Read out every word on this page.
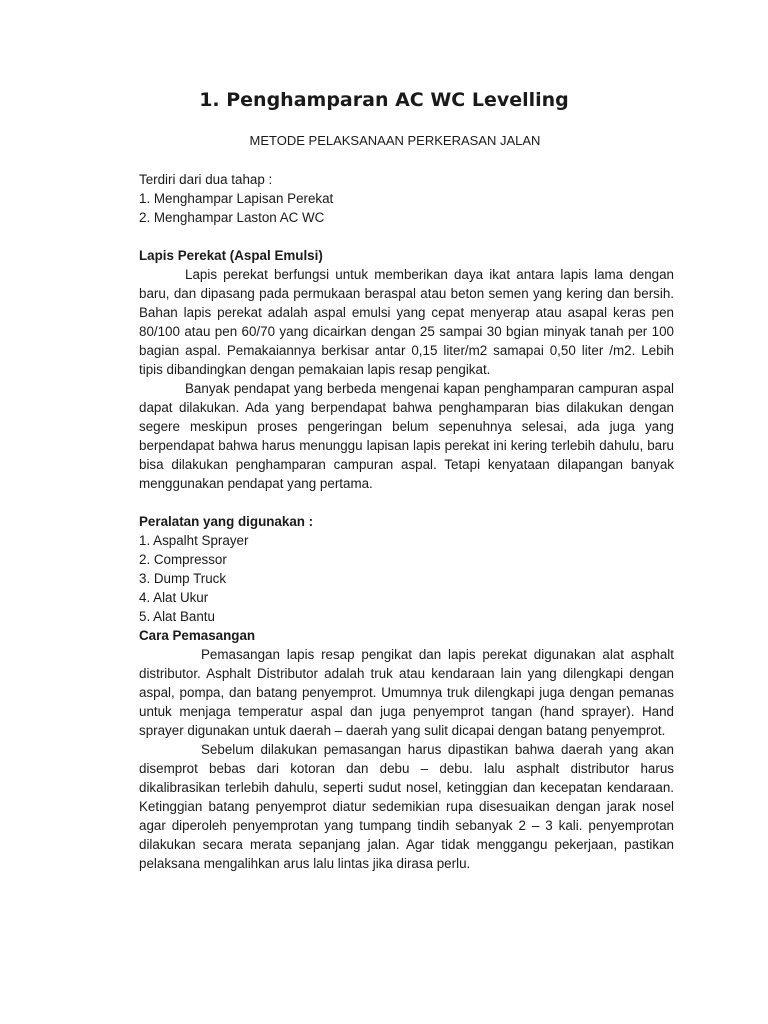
1. Penghamparan AC WC Levelling

METODE PELAKSANAAN PERKERASAN JALAN

Terdiri dari dua tahap :

1. Menghampar Lapisan Perekat

2. Menghampar Laston AC WC

Lapis Perekat (Aspal Emulsi)

Lapis perekat berfungsi untuk memberikan daya ikat antara lapis lama dengan baru, dan dipasang pada permukaan beraspal atau beton semen yang kering dan bersih. Bahan lapis perekat adalah aspal emulsi yang cepat menyerap atau asapal keras pen 80/100 atau pen 60/70 yang dicairkan dengan 25 sampai 30 bgian minyak tanah per 100 bagian aspal. Pemakaiannya berkisar antar 0,15 liter/m2 samapai 0,50 liter /m2. Lebih tipis dibandingkan dengan pemakaian lapis resap pengikat.

Banyak pendapat yang berbeda mengenai kapan penghamparan campuran aspal dapat dilakukan. Ada yang berpendapat bahwa penghamparan bias dilakukan dengan segere meskipun proses pengeringan belum sepenuhnya selesai, ada juga yang berpendapat bahwa harus menunggu lapisan lapis perekat ini kering terlebih dahulu, baru bisa dilakukan penghamparan campuran aspal. Tetapi kenyataan dilapangan banyak menggunakan pendapat yang pertama.

Peralatan yang digunakan :

1. Aspalht Sprayer

2. Compressor

3. Dump Truck

4. Alat Ukur

5. Alat Bantu

Cara Pemasangan

Pemasangan lapis resap pengikat dan lapis perekat digunakan alat asphalt distributor. Asphalt Distributor adalah truk atau kendaraan lain yang dilengkapi dengan aspal, pompa, dan batang penyemprot. Umumnya truk dilengkapi juga dengan pemanas untuk menjaga temperatur aspal dan juga penyemprot tangan (hand sprayer). Hand sprayer digunakan untuk daerah – daerah yang sulit dicapai dengan batang penyemprot.

Sebelum dilakukan pemasangan harus dipastikan bahwa daerah yang akan disemprot bebas dari kotoran dan debu – debu. lalu asphalt distributor harus dikalibrasikan terlebih dahulu, seperti sudut nosel, ketinggian dan kecepatan kendaraan. Ketinggian batang penyemprot diatur sedemikian rupa disesuaikan dengan jarak nosel agar diperoleh penyemprotan yang tumpang tindih sebanyak 2 – 3 kali. penyemprotan dilakukan secara merata sepanjang jalan. Agar tidak menggangu pekerjaan, pastikan pelaksana mengalihkan arus lalu lintas jika dirasa perlu.
